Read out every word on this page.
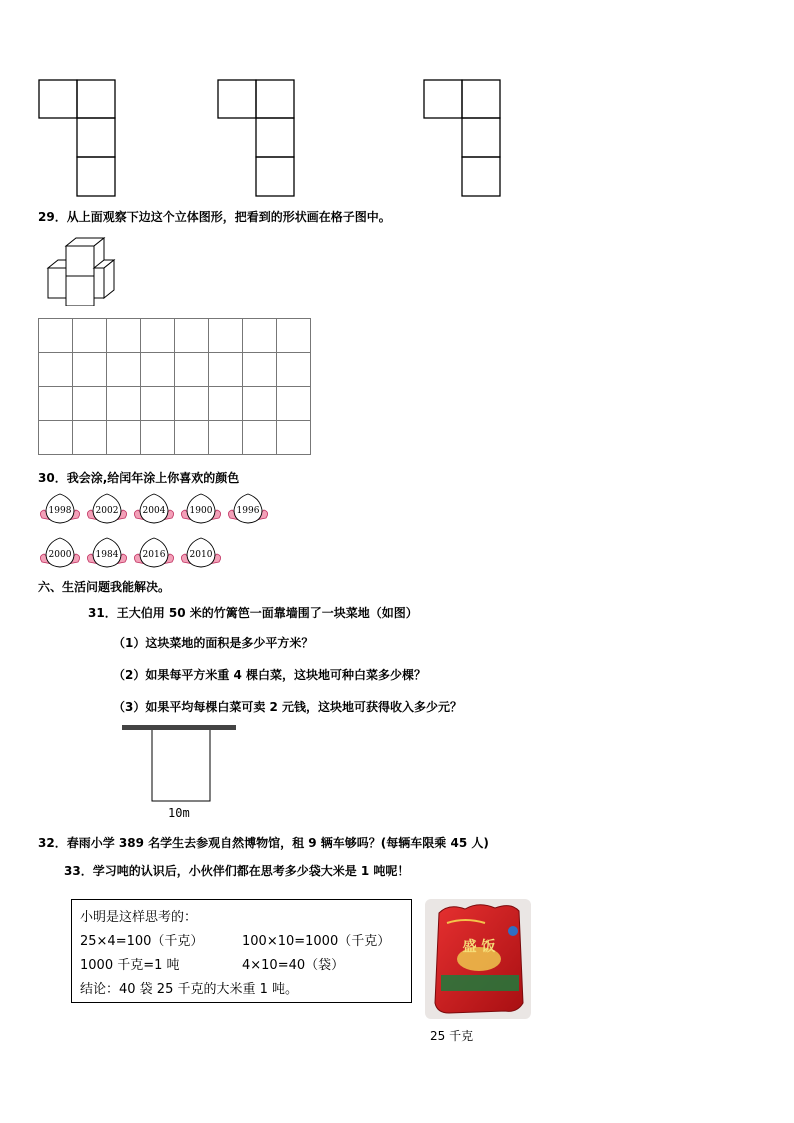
29．从上面观察下边这个立体图形，把看到的形状画在格子图中。

30．我会涂,给闰年涂上你喜欢的颜色
1998	2002	2004	1900	1996
2000	1984	2016	2010
六、生活问题我能解决。
31．王大伯用 50 米的竹篱笆一面靠墙围了一块菜地（如图）
（1）这块菜地的面积是多少平方米？
（2）如果每平方米重 4 棵白菜，这块地可种白菜多少棵？
（3）如果平均每棵白菜可卖 2 元钱，这块地可获得收入多少元？
10m
32．春雨小学 389 名学生去参观自然博物馆，租 9 辆车够吗？(每辆车限乘 45 人)
33．学习吨的认识后，小伙伴们都在思考多少袋大米是 1 吨呢！
小明是这样思考的：
25×4=100（千克）	100×10=1000（千克）
1000 千克=1 吨	4×10=40（袋）
结论：40 袋 25 千克的大米重 1 吨。
盛 饭
25 千克
